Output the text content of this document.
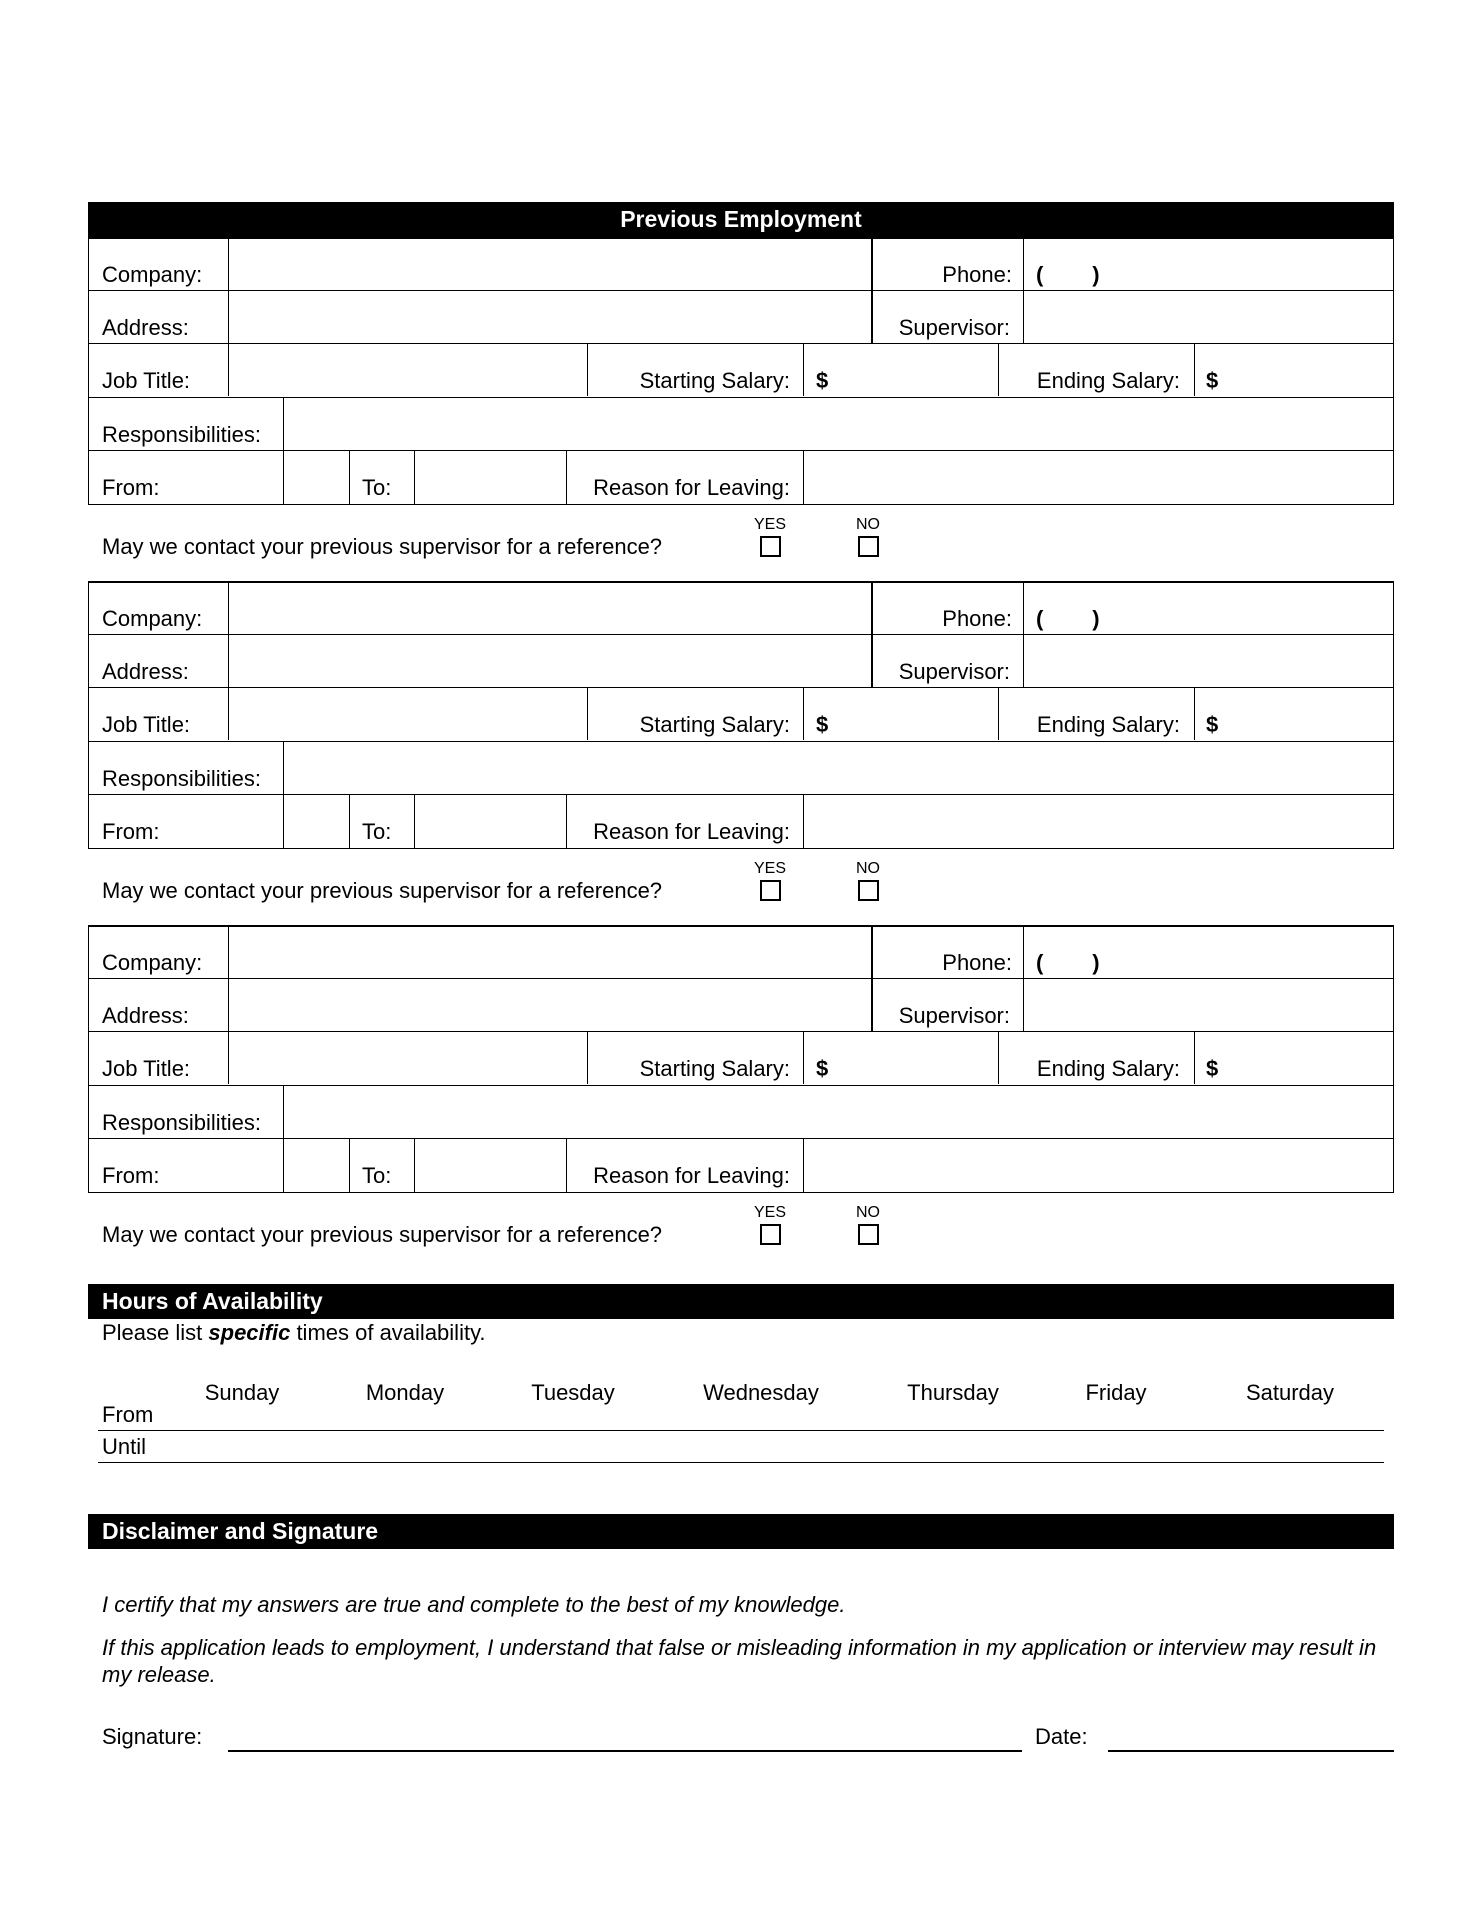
Previous Employment
Company:	Phone: (        )
Address:	Supervisor:
Job Title:	Starting Salary: $	Ending Salary: $
Responsibilities:
From:	To:	Reason for Leaving:
YES	NO
May we contact your previous supervisor for a reference?
Company:	Phone: (        )
Address:	Supervisor:
Job Title:	Starting Salary: $	Ending Salary: $
Responsibilities:
From:	To:	Reason for Leaving:
YES	NO
May we contact your previous supervisor for a reference?
Company:	Phone: (        )
Address:	Supervisor:
Job Title:	Starting Salary: $	Ending Salary: $
Responsibilities:
From:	To:	Reason for Leaving:
YES	NO
May we contact your previous supervisor for a reference?
Hours of Availability
Please list specific times of availability.
Sunday	Monday	Tuesday	Wednesday	Thursday	Friday	Saturday
From
Until
Disclaimer and Signature
I certify that my answers are true and complete to the best of my knowledge.
If this application leads to employment, I understand that false or misleading information in my application or interview may result in my release.
Signature:	Date:
